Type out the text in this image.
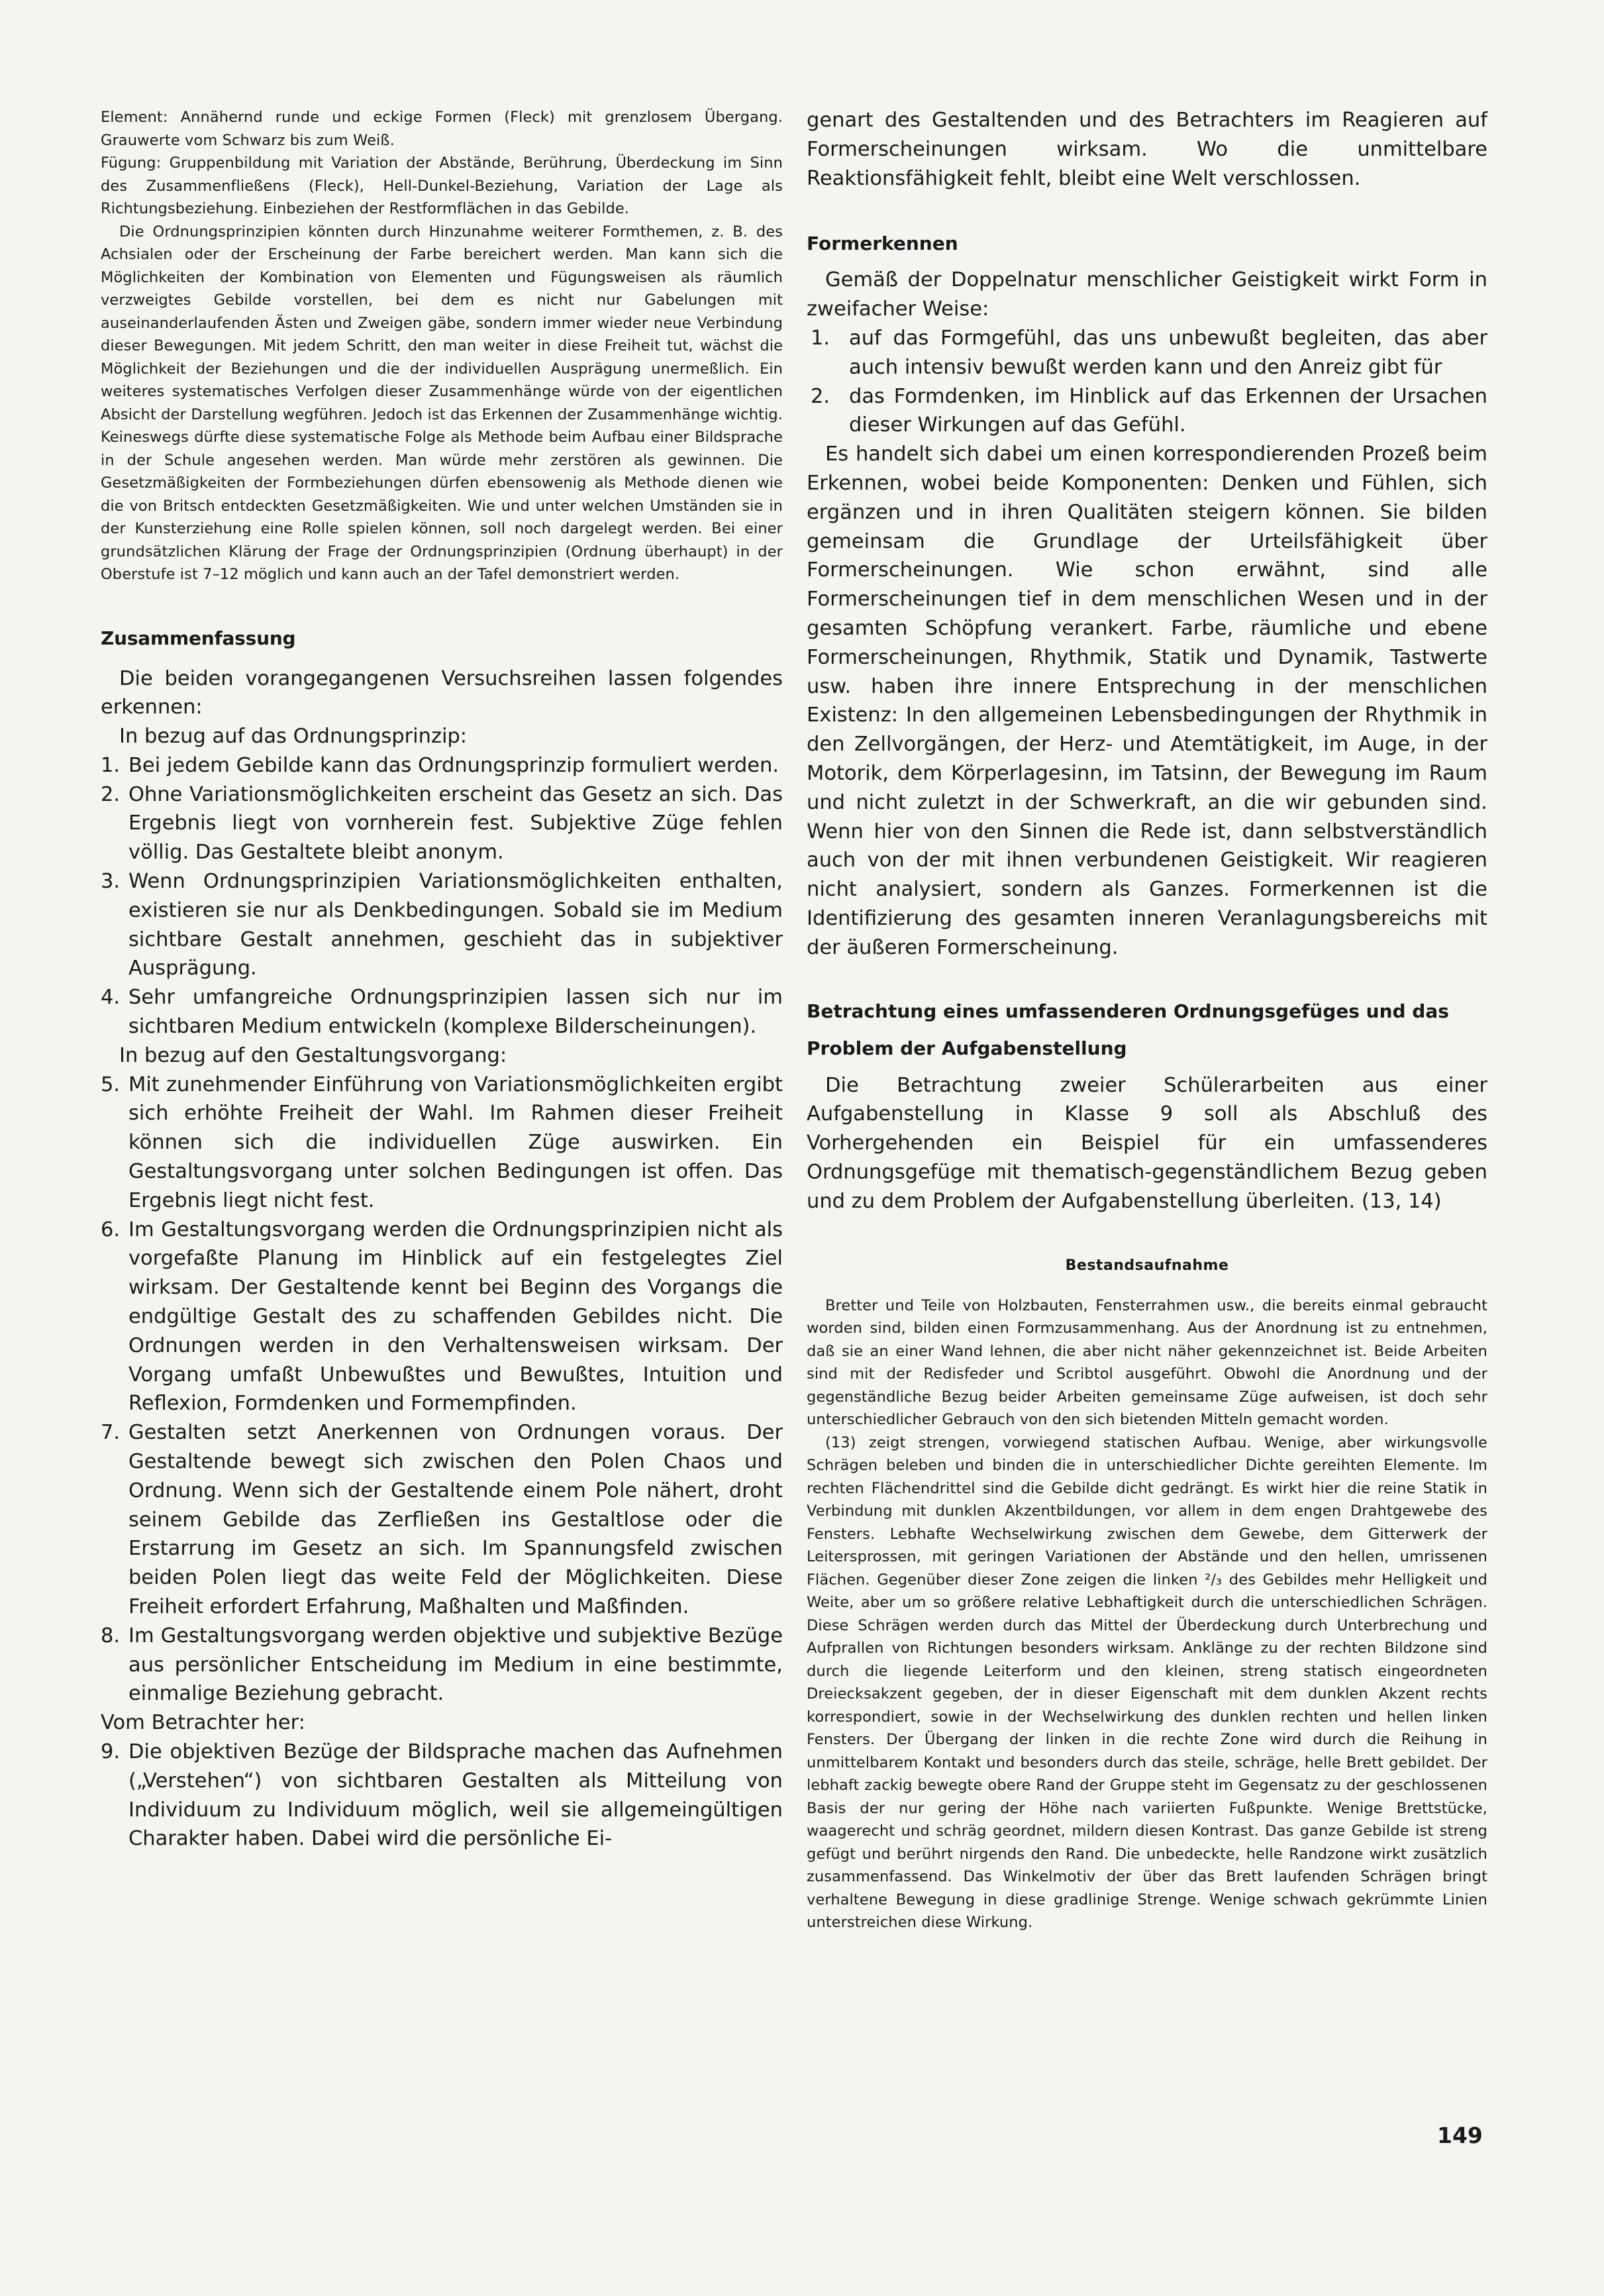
Element: Annähernd runde und eckige Formen (Fleck) mit grenzlosem Übergang. Grauwerte vom Schwarz bis zum Weiß.

Fügung: Gruppenbildung mit Variation der Abstände, Berührung, Überdeckung im Sinn des Zusammenfließens (Fleck), Hell-Dunkel-Beziehung, Variation der Lage als Richtungsbeziehung. Einbeziehen der Restformflächen in das Gebilde.

Die Ordnungsprinzipien könnten durch Hinzunahme weiterer Formthemen, z. B. des Achsialen oder der Erscheinung der Farbe bereichert werden. Man kann sich die Möglichkeiten der Kombination von Elementen und Fügungsweisen als räumlich verzweigtes Gebilde vorstellen, bei dem es nicht nur Gabelungen mit auseinanderlaufenden Ästen und Zweigen gäbe, sondern immer wieder neue Verbindung dieser Bewegungen. Mit jedem Schritt, den man weiter in diese Freiheit tut, wächst die Möglichkeit der Beziehungen und die der individuellen Ausprägung unermeßlich. Ein weiteres systematisches Verfolgen dieser Zusammenhänge würde von der eigentlichen Absicht der Darstellung wegführen. Jedoch ist das Erkennen der Zusammenhänge wichtig. Keineswegs dürfte diese systematische Folge als Methode beim Aufbau einer Bildsprache in der Schule angesehen werden. Man würde mehr zerstören als gewinnen. Die Gesetzmäßigkeiten der Formbeziehungen dürfen ebensowenig als Methode dienen wie die von Britsch entdeckten Gesetzmäßigkeiten. Wie und unter welchen Umständen sie in der Kunsterziehung eine Rolle spielen können, soll noch dargelegt werden. Bei einer grundsätzlichen Klärung der Frage der Ordnungsprinzipien (Ordnung überhaupt) in der Oberstufe ist 7–12 möglich und kann auch an der Tafel demonstriert werden.

Zusammenfassung

Die beiden vorangegangenen Versuchsreihen lassen folgendes erkennen:

In bezug auf das Ordnungsprinzip:

1. Bei jedem Gebilde kann das Ordnungsprinzip formuliert werden.
2. Ohne Variationsmöglichkeiten erscheint das Gesetz an sich. Das Ergebnis liegt von vornherein fest. Subjektive Züge fehlen völlig. Das Gestaltete bleibt anonym.
3. Wenn Ordnungsprinzipien Variationsmöglichkeiten enthalten, existieren sie nur als Denkbedingungen. Sobald sie im Medium sichtbare Gestalt annehmen, geschieht das in subjektiver Ausprägung.
4. Sehr umfangreiche Ordnungsprinzipien lassen sich nur im sichtbaren Medium entwickeln (komplexe Bilderscheinungen).

In bezug auf den Gestaltungsvorgang:

5. Mit zunehmender Einführung von Variationsmöglichkeiten ergibt sich erhöhte Freiheit der Wahl. Im Rahmen dieser Freiheit können sich die individuellen Züge auswirken. Ein Gestaltungsvorgang unter solchen Bedingungen ist offen. Das Ergebnis liegt nicht fest.
6. Im Gestaltungsvorgang werden die Ordnungsprinzipien nicht als vorgefaßte Planung im Hinblick auf ein festgelegtes Ziel wirksam. Der Gestaltende kennt bei Beginn des Vorgangs die endgültige Gestalt des zu schaffenden Gebildes nicht. Die Ordnungen werden in den Verhaltensweisen wirksam. Der Vorgang umfaßt Unbewußtes und Bewußtes, Intuition und Reflexion, Formdenken und Formempfinden.
7. Gestalten setzt Anerkennen von Ordnungen voraus. Der Gestaltende bewegt sich zwischen den Polen Chaos und Ordnung. Wenn sich der Gestaltende einem Pole nähert, droht seinem Gebilde das Zerfließen ins Gestaltlose oder die Erstarrung im Gesetz an sich. Im Spannungsfeld zwischen beiden Polen liegt das weite Feld der Möglichkeiten. Diese Freiheit erfordert Erfahrung, Maßhalten und Maßfinden.
8. Im Gestaltungsvorgang werden objektive und subjektive Bezüge aus persönlicher Entscheidung im Medium in eine bestimmte, einmalige Beziehung gebracht.

Vom Betrachter her:

9. Die objektiven Bezüge der Bildsprache machen das Aufnehmen („Verstehen“) von sichtbaren Gestalten als Mitteilung von Individuum zu Individuum möglich, weil sie allgemeingültigen Charakter haben. Dabei wird die persönliche Ei-

genart des Gestaltenden und des Betrachters im Reagieren auf Formerscheinungen wirksam. Wo die unmittelbare Reaktionsfähigkeit fehlt, bleibt eine Welt verschlossen.

Formerkennen

Gemäß der Doppelnatur menschlicher Geistigkeit wirkt Form in zweifacher Weise:

1. auf das Formgefühl, das uns unbewußt begleiten, das aber auch intensiv bewußt werden kann und den Anreiz gibt für
2. das Formdenken, im Hinblick auf das Erkennen der Ursachen dieser Wirkungen auf das Gefühl.

Es handelt sich dabei um einen korrespondierenden Prozeß beim Erkennen, wobei beide Komponenten: Denken und Fühlen, sich ergänzen und in ihren Qualitäten steigern können. Sie bilden gemeinsam die Grundlage der Urteilsfähigkeit über Formerscheinungen. Wie schon erwähnt, sind alle Formerscheinungen tief in dem menschlichen Wesen und in der gesamten Schöpfung verankert. Farbe, räumliche und ebene Formerscheinungen, Rhythmik, Statik und Dynamik, Tastwerte usw. haben ihre innere Entsprechung in der menschlichen Existenz: In den allgemeinen Lebensbedingungen der Rhythmik in den Zellvorgängen, der Herz- und Atemtätigkeit, im Auge, in der Motorik, dem Körperlagesinn, im Tatsinn, der Bewegung im Raum und nicht zuletzt in der Schwerkraft, an die wir gebunden sind. Wenn hier von den Sinnen die Rede ist, dann selbstverständlich auch von der mit ihnen verbundenen Geistigkeit. Wir reagieren nicht analysiert, sondern als Ganzes. Formerkennen ist die Identifizierung des gesamten inneren Veranlagungsbereichs mit der äußeren Formerscheinung.

Betrachtung eines umfassenderen Ordnungsgefüges und das Problem der Aufgabenstellung

Die Betrachtung zweier Schülerarbeiten aus einer Aufgabenstellung in Klasse 9 soll als Abschluß des Vorhergehenden ein Beispiel für ein umfassenderes Ordnungsgefüge mit thematisch-gegenständlichem Bezug geben und zu dem Problem der Aufgabenstellung überleiten. (13, 14)

Bestandsaufnahme

Bretter und Teile von Holzbauten, Fensterrahmen usw., die bereits einmal gebraucht worden sind, bilden einen Formzusammenhang. Aus der Anordnung ist zu entnehmen, daß sie an einer Wand lehnen, die aber nicht näher gekennzeichnet ist. Beide Arbeiten sind mit der Redisfeder und Scribtol ausgeführt. Obwohl die Anordnung und der gegenständliche Bezug beider Arbeiten gemeinsame Züge aufweisen, ist doch sehr unterschiedlicher Gebrauch von den sich bietenden Mitteln gemacht worden.

(13) zeigt strengen, vorwiegend statischen Aufbau. Wenige, aber wirkungsvolle Schrägen beleben und binden die in unterschiedlicher Dichte gereihten Elemente. Im rechten Flächendrittel sind die Gebilde dicht gedrängt. Es wirkt hier die reine Statik in Verbindung mit dunklen Akzentbildungen, vor allem in dem engen Drahtgewebe des Fensters. Lebhafte Wechselwirkung zwischen dem Gewebe, dem Gitterwerk der Leitersprossen, mit geringen Variationen der Abstände und den hellen, umrissenen Flächen. Gegenüber dieser Zone zeigen die linken ²/₃ des Gebildes mehr Helligkeit und Weite, aber um so größere relative Lebhaftigkeit durch die unterschiedlichen Schrägen. Diese Schrägen werden durch das Mittel der Überdeckung durch Unterbrechung und Aufprallen von Richtungen besonders wirksam. Anklänge zu der rechten Bildzone sind durch die liegende Leiterform und den kleinen, streng statisch eingeordneten Dreiecksakzent gegeben, der in dieser Eigenschaft mit dem dunklen Akzent rechts korrespondiert, sowie in der Wechselwirkung des dunklen rechten und hellen linken Fensters. Der Übergang der linken in die rechte Zone wird durch die Reihung in unmittelbarem Kontakt und besonders durch das steile, schräge, helle Brett gebildet. Der lebhaft zackig bewegte obere Rand der Gruppe steht im Gegensatz zu der geschlossenen Basis der nur gering der Höhe nach variierten Fußpunkte. Wenige Brettstücke, waagerecht und schräg geordnet, mildern diesen Kontrast. Das ganze Gebilde ist streng gefügt und berührt nirgends den Rand. Die unbedeckte, helle Randzone wirkt zusätzlich zusammenfassend. Das Winkelmotiv der über das Brett laufenden Schrägen bringt verhaltene Bewegung in diese gradlinige Strenge. Wenige schwach gekrümmte Linien unterstreichen diese Wirkung.

149
